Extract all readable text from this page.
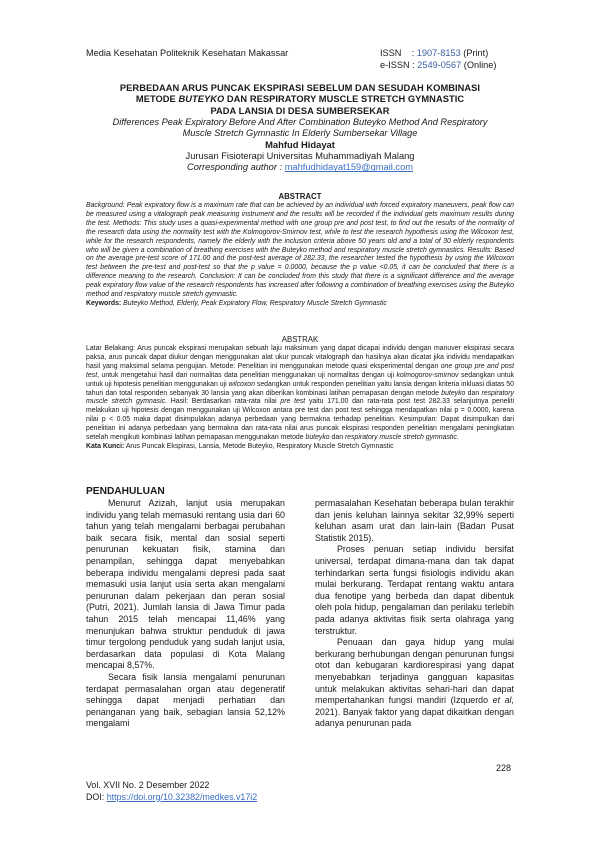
Media Kesehatan Politeknik Kesehatan Makassar	ISSN    : 1907-8153 (Print)
e-ISSN : 2549-0567 (Online)
PERBEDAAN ARUS PUNCAK EKSPIRASI SEBELUM DAN SESUDAH KOMBINASI
METODE BUTEYKO DAN RESPIRATORY MUSCLE STRETCH GYMNASTIC
PADA LANSIA DI DESA SUMBERSEKAR
Differences Peak Expiratory Before And After Combination Buteyko Method And Respiratory
Muscle Stretch Gymnastic In Elderly Sumbersekar Village
Mahfud Hidayat
Jurusan Fisioterapi Universitas Muhammadiyah Malang
Corresponding author : mahfudhidayat159@gmail.com
ABSTRACT

Background: Peak expiratory flow is a maximum rate that can be achieved by an individual with forced expiratory maneuvers, peak flow can be measured using a vitalograph peak measuring instrument and the results will be recorded if the individual gets maximum results during the test. Methods: This study uses a quasi-experimental method with one group pre and post test, to find out the results of the normality of the research data using the normality test with the Kolmogorov-Smirnov test, while to test the research hypothesis using the Wilcoxon test, while for the research respondents, namely the elderly with the inclusion criteria above 50 years old and a total of 30 elderly respondents who will be given a combination of breathing exercises with the Buteyko method and respiratory muscle stretch gymnastics. Results: Based on the average pre-test score of 171.00 and the post-test average of 282.33, the researcher tested the hypothesis by using the Wilcoxon test between the pre-test and post-test so that the p value = 0.0000, because the p value <0.05, it can be concluded that there is a difference meaning to the research. Conclusion: It can be concluded from this study that there is a significant difference and the average peak expiratory flow value of the research respondents has increased after following a combination of breathing exercises using the Buteyko method and respiratory muscle stretch gymnastic.

Keywords: Buteyko Method, Elderly, Peak Expiratory Flow, Respiratory Muscle Stretch Gymnastic

ABSTRAK

Latar Belakang: Arus puncak ekspirasi merupakan sebuah laju maksimum yang dapat dicapai individu dengan manuver ekspirasi secara paksa, arus puncak dapat diukur dengan menggunakan alat ukur puncak vitalograph dan hasilnya akan dicatat jika individu mendapatkan hasil yang maksimal selama pengujian. Metode: Penelitian ini menggunakan metode quasi eksperimental dengan one group pre and post test, untuk mengetahui hasil dari normalitas data penelitian menggunakan uji normalitas dengan uji kolmogorov-smirnov sedangkan untuk untuk uji hipotesis penelitian menggunakan uji wilcoxon sedangkan untuk responden penelitian yaitu lansia dengan kriteria inkluasi diatas 50 tahun dan total responden sebanyak 30 lansia yang akan diberikan kombinasi latihan pernapasan dengan metode buteyko dan respiratory muscle stretch gymnasic. Hasil: Berdasarkan rata-rata nilai pre test yaitu 171.00 dan rata-rata post test 282.33 selanjutnya peneliti melakukan uji hipotesis dengan menggunakan uji Wilcoxon antara pre test dan post test sehingga mendapatkan nilai p = 0.0000, karena nilai p < 0.05 maka dapat disimpulakan adanya perbedaan yang bermakna terhadap penelitian. Kesimpulan: Dapat disimpulkan dari penelitian ini adanya perbedaan yang bermakna dan rata-rata nilai arus puncak ekspirasi responden penelitian mengalami peningkatan setelah mengikuti kombinasi latihan pernapasan menggunakan metode buteyko dan respiratory muscle stretch gymnastic.

Kata Kunci: Arus Puncak Ekspirasi, Lansia, Metode Buteyko, Respiratory Muscle Stretch Gymnastic

PENDAHULUAN

Menurut Azizah, lanjut usia merupakan individu yang telah memasuki rentang usia dari 60 tahun yang telah mengalami berbagai perubahan baik secara fisik, mental dan sosial seperti penurunan kekuatan fisik, stamina dan penampilan, sehingga dapat menyebabkan beberapa individu mengalami depresi pada saat memasuki usia lanjut usia serta akan mengalami penurunan dalam pekerjaan dan peran sosial (Putri, 2021). Jumlah lansia di Jawa Timur pada tahun 2015 telah mencapai 11,46% yang menunjukan bahwa struktur penduduk di jawa timur tergolong penduduk yang sudah lanjut usia, berdasarkan data populasi di Kota Malang mencapai 8,57%.

Secara fisik lansia mengalami penurunan terdapat permasalahan organ atau degeneratif sehingga dapat menjadi perhatian dan penanganan yang baik, sebagian lansia 52,12% mengalami

permasalahan Kesehatan beberapa bulan terakhir dan jenis keluhan lainnya sekitar 32,99% seperti keluhan asam urat dan lain-lain (Badan Pusat Statistik 2015).

Proses penuan setiap individu bersifat universal, terdapat dimana-mana dan tak dapat terhindarkan serta fungsi fisiologis individu akan mulai berkurang. Terdapat rentang waktu antara dua fenotipe yang berbeda dan dapat dibentuk oleh pola hidup, pengalaman dan perilaku terlebih pada adanya aktivitas fisik serta olahraga yang terstruktur.

Penuaan dan gaya hidup yang mulai berkurang berhubungan dengan penurunan fungsi otot dan kebugaran kardiorespirasi yang dapat menyebabkan terjadinya gangguan kapasitas untuk melakukan aktivitas sehari-hari dan dapat mempertahankan fungsi mandiri (Izquerdo et al, 2021). Banyak faktor yang dapat dikaitkan dengan adanya penurunan pada

228
Vol. XVII No. 2 Desember 2022
DOI: https://doi.org/10.32382/medkes.v17i2
